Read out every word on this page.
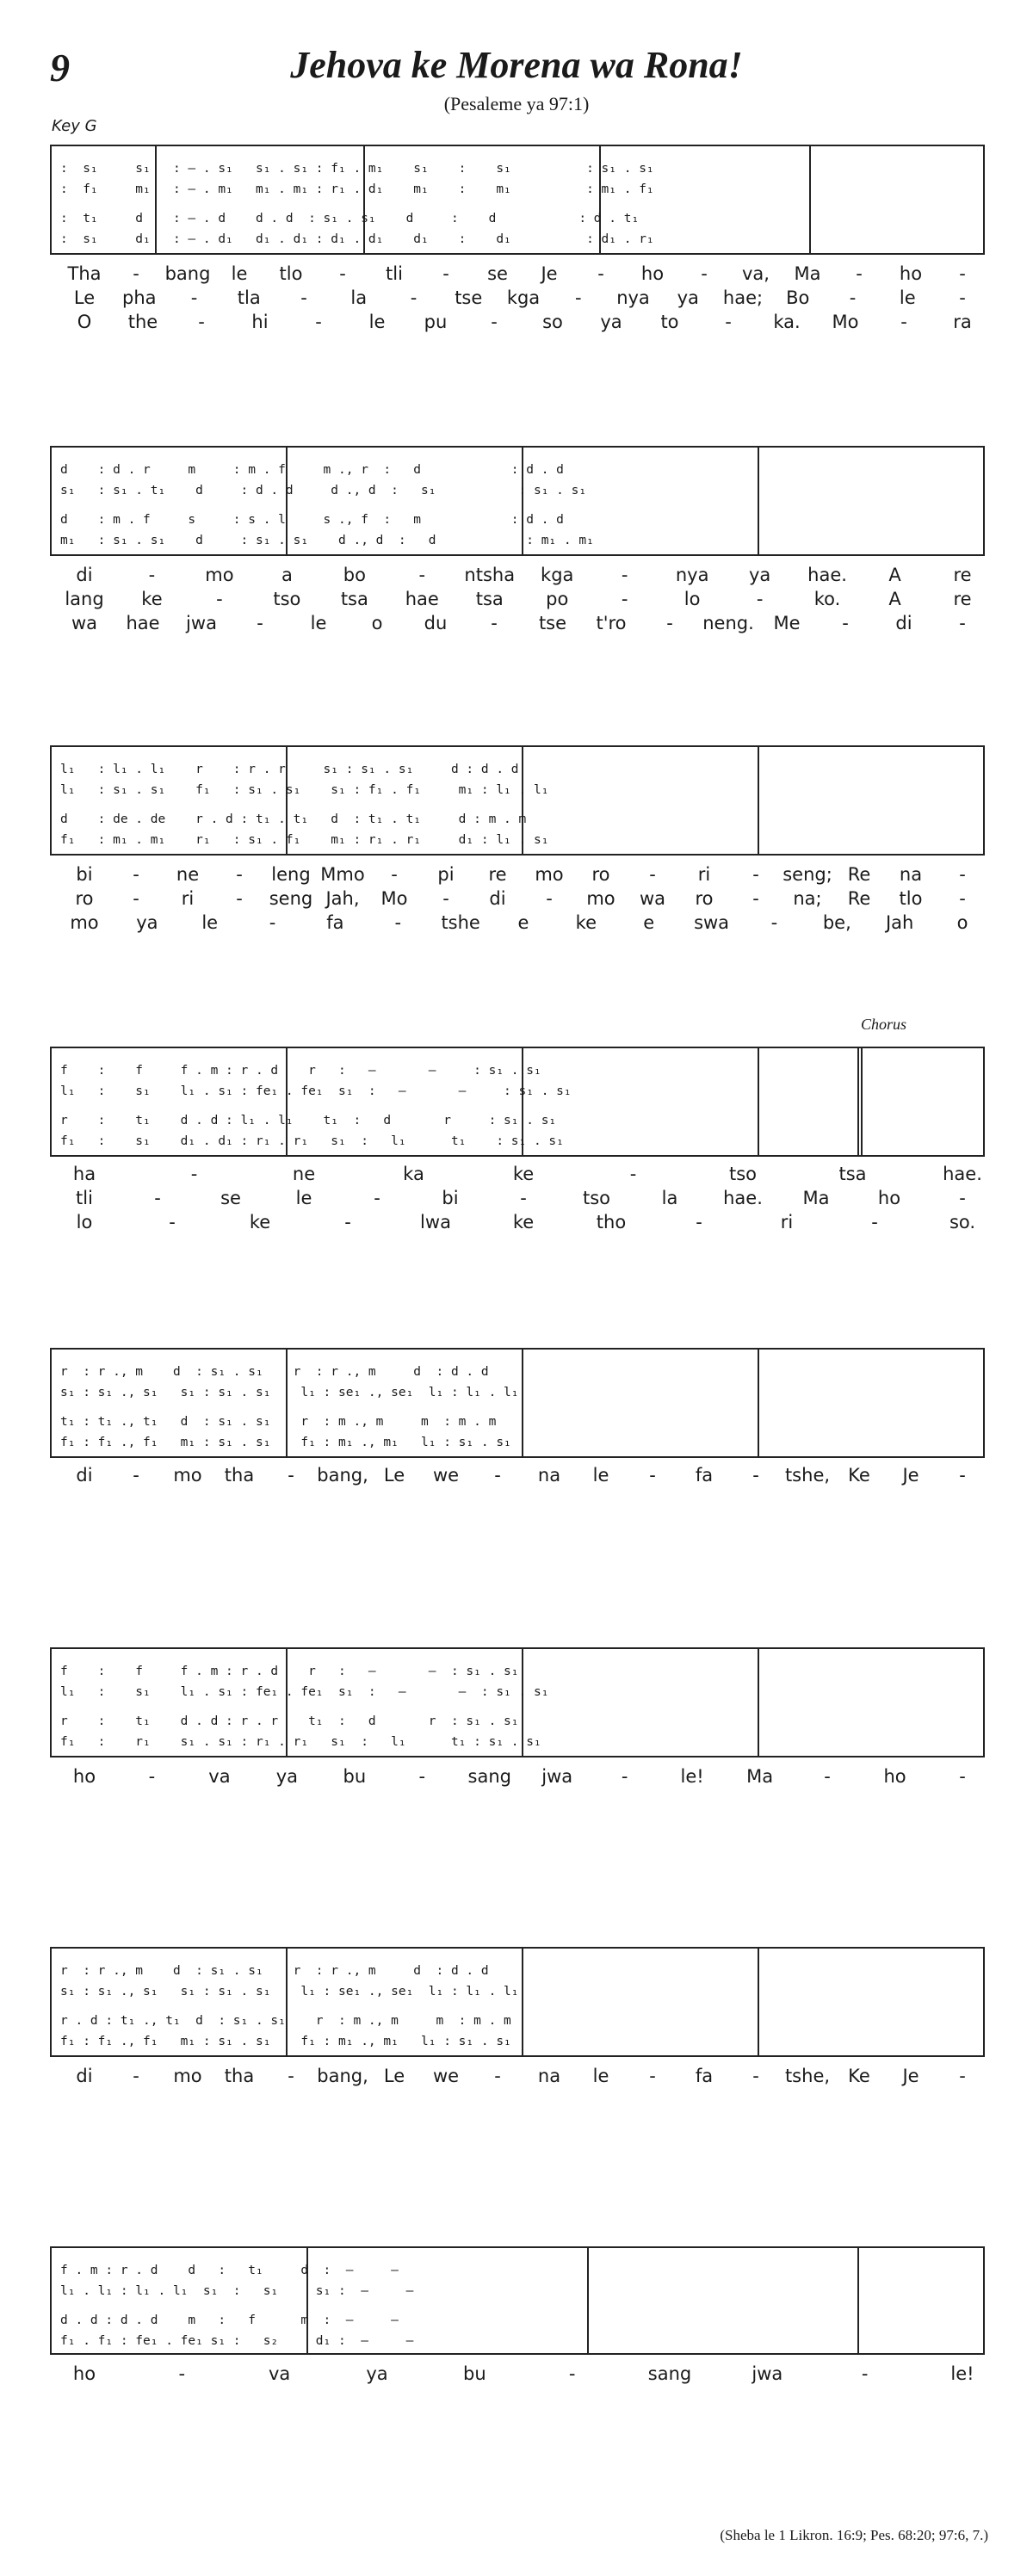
9	Jehova ke Morena wa Rona!
(Pesaleme ya 97:1)
Key G
Chorus
(Sheba le 1 Likron. 16:9; Pes. 68:20; 97:6, 7.)
:  s₁     s₁   : – . s₁   s₁ . s₁ : f₁ . m₁    s₁    :    s₁          : s₁ . s₁
:  f₁     m₁   : – . m₁   m₁ . m₁ : r₁ . d₁    m₁    :    m₁          : m₁ . f₁
:  t₁     d    : – . d    d . d  : s₁ . s₁    d     :    d           : d . t₁
:  s₁     d₁   : – . d₁   d₁ . d₁ : d₁ . d₁    d₁    :    d₁          : d₁ . r₁
Tha - bang le tlo - tli - se Je - ho - va, Ma - ho -
Le pha - tla - la - tse kga - nya ya hae; Bo - le -
O the -	hi	-	le pu - so ya to	- ka. Mo -	ra
d    : d . r     m     : m . f     m ., r  :   d            : d . d
s₁   : s₁ . t₁    d     : d . d     d ., d  :   s₁           : s₁ . s₁
d    : m . f     s     : s . l     s ., f  :   m            : d . d
m₁   : s₁ . s₁    d     : s₁ . s₁    d ., d  :   d            : m₁ . m₁
di	-	mo	a	bo	- ntsha kga	-	nya ya hae. A	re
lang ke	-	tso tsa hae tsa po	-	lo	-	ko.	A	re
wa hae jwa -	le o du - tse t'ro - neng. Me -	di	-
l₁   : l₁ . l₁    r    : r . r     s₁ : s₁ . s₁     d : d . d
l₁   : s₁ . s₁    f₁   : s₁ . s₁    s₁ : f₁ . f₁     m₁ : l₁ . l₁
d    : de . de    r . d : t₁ . t₁   d  : t₁ . t₁     d : m . m
f₁   : m₁ . m₁    r₁   : s₁ . f₁    m₁ : r₁ . r₁     d₁ : l₁ . s₁
bi - ne - leng Mmo - pi re mo ro - ri - seng; Re na -
ro - ri - seng Jah, Mo - di - mo wa ro - na; Re tlo -
mo ya le	-	fa	- tshe e	ke	e swa -	be, Jah o
f    :    f     f . m : r . d    r   :   —       —     : s₁ . s₁
l₁   :    s₁    l₁ . s₁ : fe₁ . fe₁  s₁  :   —       —     : s₁ . s₁
r    :    t₁    d . d : l₁ . l₁    t₁  :   d       r     : s₁ . s₁
f₁   :    s₁    d₁ . d₁ : r₁ . r₁   s₁  :   l₁      t₁    : s₁ . s₁
ha	-	ne	ka	ke	-	tso	tsa	hae.
tli	-	se	le	-	bi	-	tso	la	hae. Ma	ho	-
lo	-	ke	-	lwa	ke	tho	-	ri	-	so.
r  : r ., m    d  : s₁ . s₁    r  : r ., m     d  : d . d
s₁ : s₁ ., s₁   s₁ : s₁ . s₁    l₁ : se₁ ., se₁  l₁ : l₁ . l₁
t₁ : t₁ ., t₁   d  : s₁ . s₁    r  : m ., m     m  : m . m
f₁ : f₁ ., f₁   m₁ : s₁ . s₁    f₁ : m₁ ., m₁   l₁ : s₁ . s₁
di - mo tha - bang, Le we - na le - fa - tshe, Ke Je -
f    :    f     f . m : r . d    r   :   —       —  : s₁ . s₁
l₁   :    s₁    l₁ . s₁ : fe₁ . fe₁  s₁  :   —       —  : s₁ . s₁
r    :    t₁    d . d : r . r    t₁  :   d       r  : s₁ . s₁
f₁   :    r₁    s₁ . s₁ : r₁ . r₁   s₁  :   l₁      t₁ : s₁ . s₁
ho	-	va	ya	bu	- sang jwa	-	le! Ma	-	ho	-
r  : r ., m    d  : s₁ . s₁    r  : r ., m     d  : d . d
s₁ : s₁ ., s₁   s₁ : s₁ . s₁    l₁ : se₁ ., se₁  l₁ : l₁ . l₁
r . d : t₁ ., t₁  d  : s₁ . s₁    r  : m ., m     m  : m . m
f₁ : f₁ ., f₁   m₁ : s₁ . s₁    f₁ : m₁ ., m₁   l₁ : s₁ . s₁
di - mo tha - bang, Le we - na le - fa - tshe, Ke Je -
f . m : r . d    d   :   t₁     d  :  —     —
l₁ . l₁ : l₁ . l₁  s₁  :   s₁     s₁ :  —     —
d . d : d . d    m   :   f      m  :  —     —
f₁ . f₁ : fe₁ . fe₁ s₁ :   s₂     d₁ :  —     —
ho	-	va	ya	bu	-	sang	jwa	-	le!
